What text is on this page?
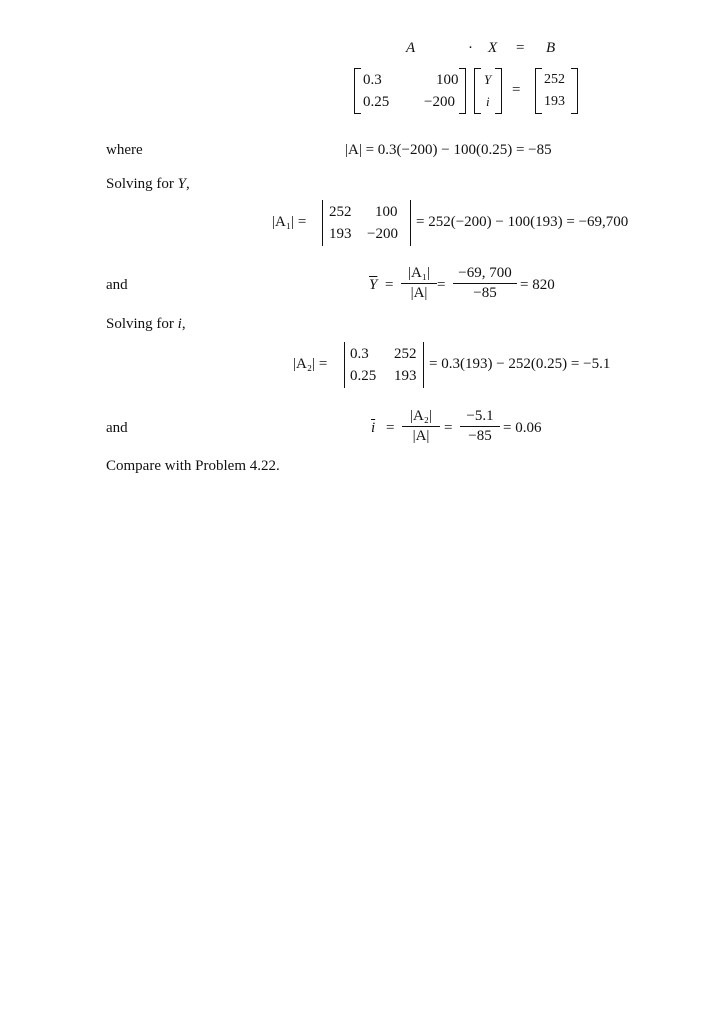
A	· X = B
0.3	100
0.25 −200
Y
i
=
252
193
where	|A| = 0.3(−200) − 100(0.25) = −85
Solving for Y,
|A₁| =
252 100
193 −200
= 252(−200) − 100(193) = −69,700
and	$\overline{Y}$ =
|A₁|
|A| =
−69, 700
−85	= 820
Solving for i,
|A₂| =
0.3 252
0.25 193
= 0.3(193) − 252(0.25) = −5.1
and	$\overline{i}$ =
|A₂|
|A| =
−5.1
−85 = 0.06
Compare with Problem 4.22.
